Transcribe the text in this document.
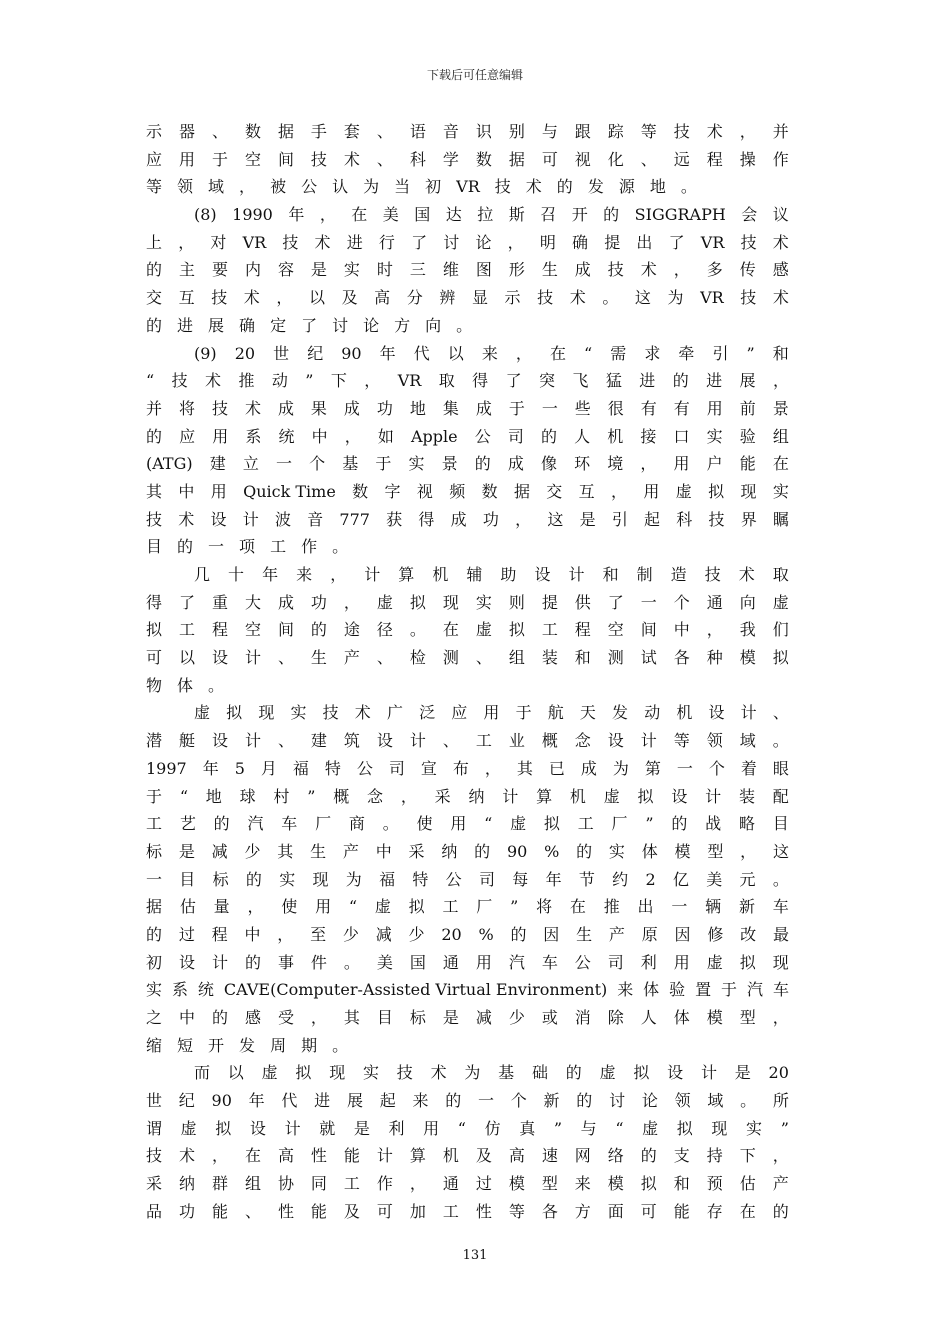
下载后可任意编辑
示 器 、 数 据 手 套 、 语 音 识 别 与 跟 踪 等 技 术 ， 并
应 用 于 空 间 技 术 、 科 学 数 据 可 视 化 、 远 程 操 作
等 领 域 ， 被 公 认 为 当 初 VR 技 术 的 发 源 地 。
(8) 1990 年 ， 在 美 国 达 拉 斯 召 开 的 SIGGRAPH 会 议
上 ， 对 VR 技 术 进 行 了 讨 论 ， 明 确 提 出 了 VR 技 术
的 主 要 内 容 是 实 时 三 维 图 形 生 成 技 术 ， 多 传 感
交 互 技 术 ， 以 及 高 分 辨 显 示 技 术 。 这 为 VR 技 术
的 进 展 确 定 了 讨 论 方 向 。
(9) 20 世 纪 90 年 代 以 来 ， 在 “ 需 求 牵 引 ” 和
“ 技 术 推 动 ” 下 ， VR 取 得 了 突 飞 猛 进 的 进 展 ，
并 将 技 术 成 果 成 功 地 集 成 于 一 些 很 有 有 用 前 景
的 应 用 系 统 中 ， 如 Apple 公 司 的 人 机 接 口 实 验 组
(ATG) 建 立 一 个 基 于 实 景 的 成 像 环 境 ， 用 户 能 在
其 中 用 Quick Time 数 字 视 频 数 据 交 互 ， 用 虚 拟 现 实
技 术 设 计 波 音 777 获 得 成 功 ， 这 是 引 起 科 技 界 瞩
目 的 一 项 工 作 。
几 十 年 来 ， 计 算 机 辅 助 设 计 和 制 造 技 术 取
得 了 重 大 成 功 ， 虚 拟 现 实 则 提 供 了 一 个 通 向 虚
拟 工 程 空 间 的 途 径 。 在 虚 拟 工 程 空 间 中 ， 我 们
可 以 设 计 、 生 产 、 检 测 、 组 装 和 测 试 各 种 模 拟
物 体 。
虚 拟 现 实 技 术 广 泛 应 用 于 航 天 发 动 机 设 计 、
潜 艇 设 计 、 建 筑 设 计 、 工 业 概 念 设 计 等 领 域 。
1997 年 5 月 福 特 公 司 宣 布 ， 其 已 成 为 第 一 个 着 眼
于 “ 地 球 村 ” 概 念 ， 采 纳 计 算 机 虚 拟 设 计 装 配
工 艺 的 汽 车 厂 商 。 使 用 “ 虚 拟 工 厂 ” 的 战 略 目
标 是 减 少 其 生 产 中 采 纳 的 90 % 的 实 体 模 型 ， 这
一 目 标 的 实 现 为 福 特 公 司 每 年 节 约 2 亿 美 元 。
据 估 量 ， 使 用 “ 虚 拟 工 厂 ” 将 在 推 出 一 辆 新 车
的 过 程 中 ， 至 少 减 少 20 % 的 因 生 产 原 因 修 改 最
初 设 计 的 事 件 。 美 国 通 用 汽 车 公 司 利 用 虚 拟 现
实 系 统 CAVE(Computer-Assisted Virtual Environment) 来 体 验 置 于 汽 车
之 中 的 感 受 ， 其 目 标 是 减 少 或 消 除 人 体 模 型 ，
缩 短 开 发 周 期 。
而 以 虚 拟 现 实 技 术 为 基 础 的 虚 拟 设 计 是 20
世 纪 90 年 代 进 展 起 来 的 一 个 新 的 讨 论 领 域 。 所
谓 虚 拟 设 计 就 是 利 用 “ 仿 真 ” 与 “ 虚 拟 现 实 ”
技 术 ， 在 高 性 能 计 算 机 及 高 速 网 络 的 支 持 下 ，
采 纳 群 组 协 同 工 作 ， 通 过 模 型 来 模 拟 和 预 估 产
品 功 能 、 性 能 及 可 加 工 性 等 各 方 面 可 能 存 在 的
131
